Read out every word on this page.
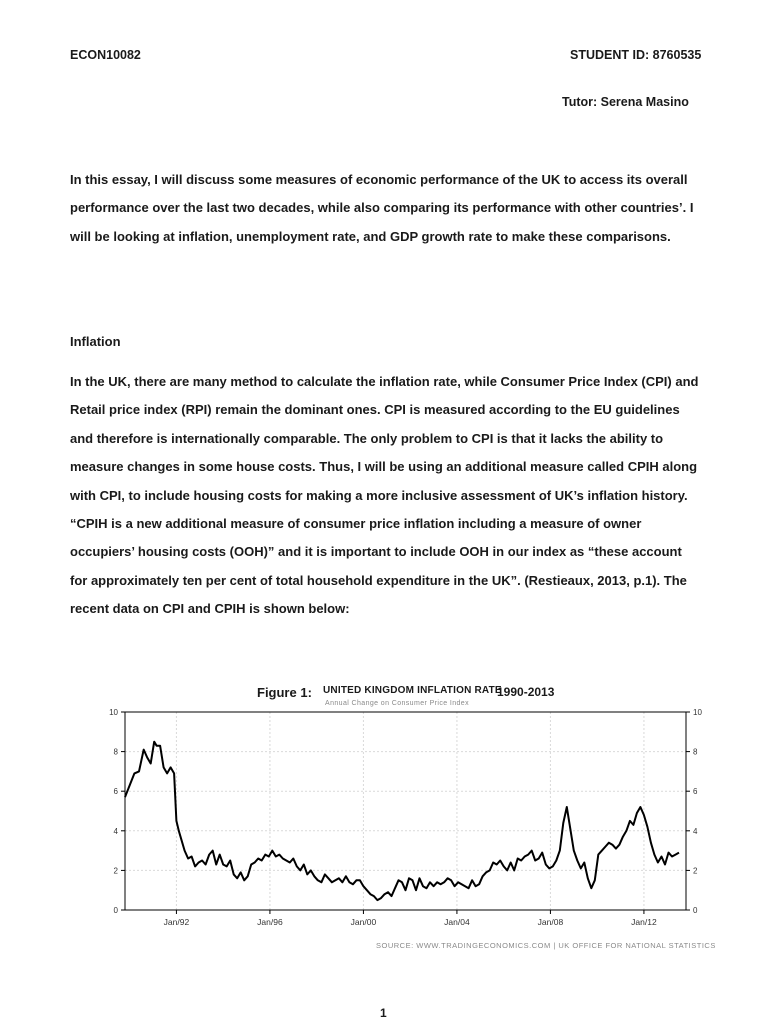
ECON10082	STUDENT ID: 8760535
Tutor: Serena Masino

In this essay, I will discuss some measures of economic performance of the UK to access its overall performance over the last two decades, while also comparing its performance with other countries’. I will be looking at inflation, unemployment rate, and GDP growth rate to make these comparisons.

Inflation

In the UK, there are many method to calculate the inflation rate, while Consumer Price Index (CPI) and Retail price index (RPI) remain the dominant ones. CPI is measured according to the EU guidelines and therefore is internationally comparable. The only problem to CPI is that it lacks the ability to measure changes in some house costs. Thus, I will be using an additional measure called CPIH along with CPI, to include housing costs for making a more inclusive assessment of UK’s inflation history. “CPIH is a new additional measure of consumer price inflation including a measure of owner occupiers’ housing costs (OOH)” and it is important to include OOH in our index as “these account for approximately ten per cent of total household expenditure in the UK”. (Restieaux, 2013, p.1). The recent data on CPI and CPIH is shown below:

Figure 1: UNITED KINGDOM INFLATION RATE
1990-2013
Annual Change on Consumer Price Index
0	0
2	2
4	4
6	6
8	8
10	10
Jan/92	Jan/96	Jan/00	Jan/04	Jan/08	Jan/12
SOURCE: WWW.TRADINGECONOMICS.COM | UK OFFICE FOR NATIONAL STATISTICS
1
